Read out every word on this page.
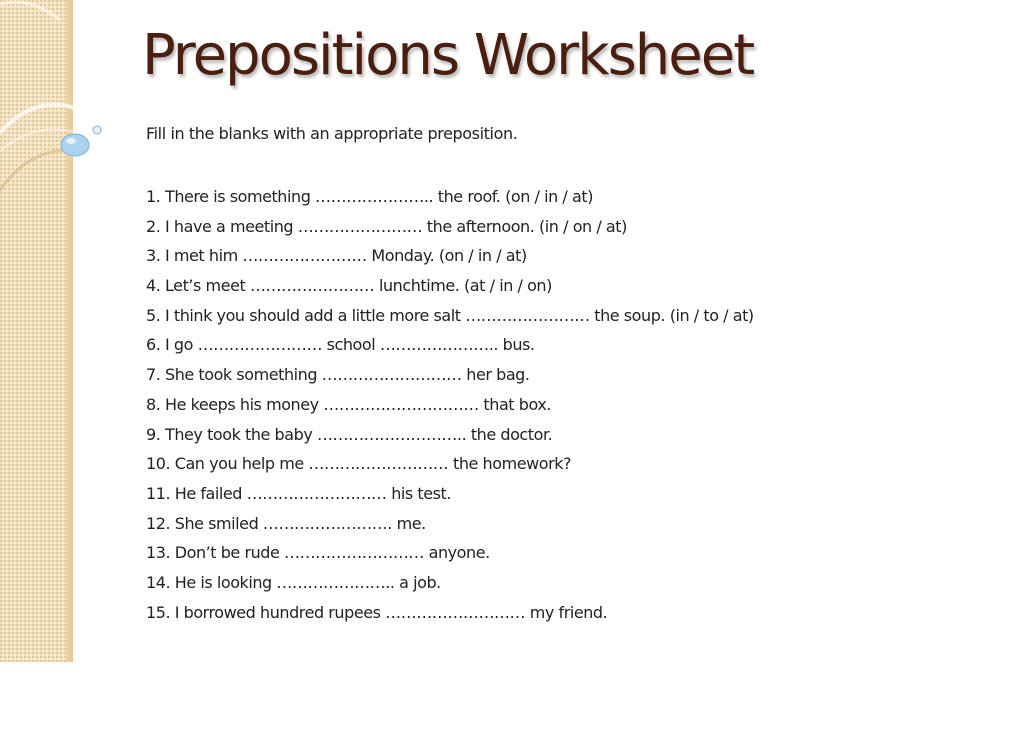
Prepositions Worksheet
Fill in the blanks with an appropriate preposition.
1. There is something ………………….. the roof. (on / in / at)
2. I have a meeting …………………… the afternoon. (in / on / at)
3. I met him …………………… Monday. (on / in / at)
4. Let’s meet …………………… lunchtime. (at / in / on)
5. I think you should add a little more salt …………………… the soup. (in / to / at)
6. I go …………………… school ………………….. bus.
7. She took something ……………………… her bag.
8. He keeps his money ………………………… that box.
9. They took the baby ……………………….. the doctor.
10. Can you help me ……………………… the homework?
11. He failed ……………………… his test.
12. She smiled ……………………. me.
13. Don’t be rude ……………………… anyone.
14. He is looking ………………….. a job.
15. I borrowed hundred rupees ……………………… my friend.
